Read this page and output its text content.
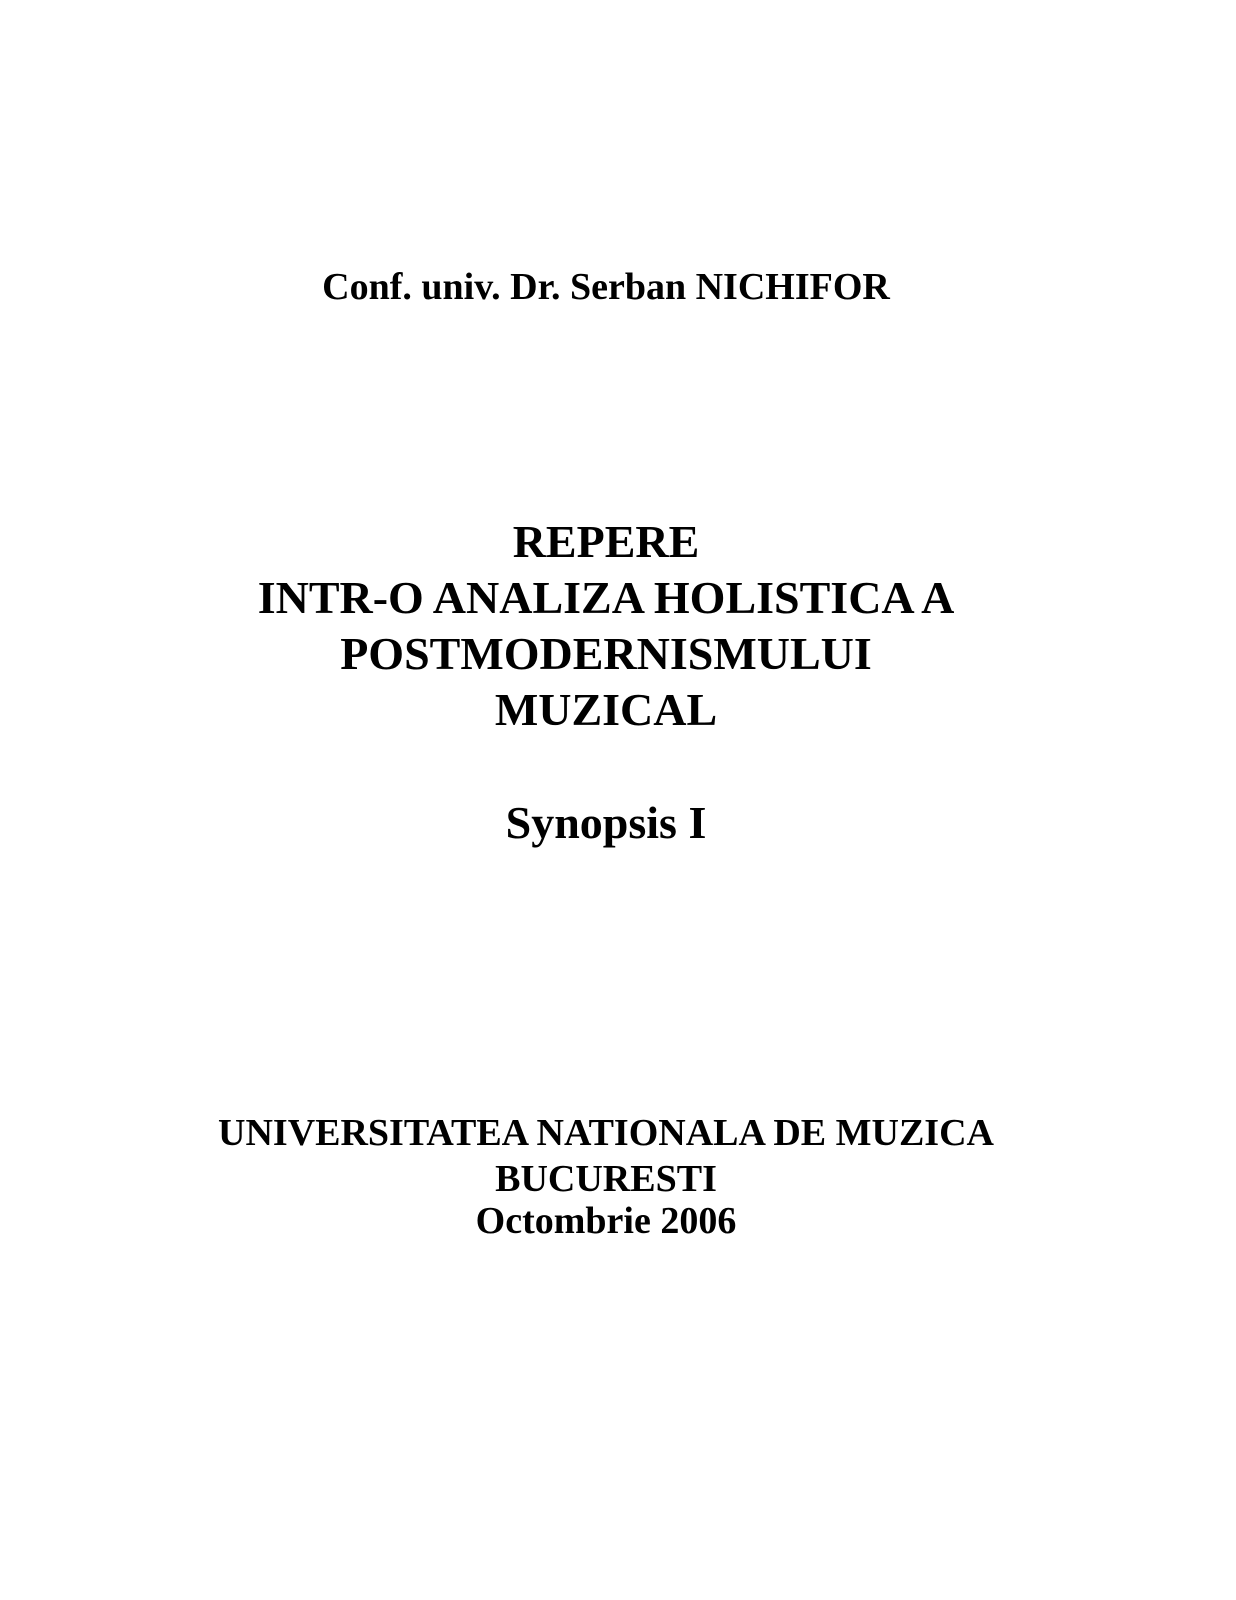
Conf. univ. Dr. Serban NICHIFOR
REPERE
INTR-O ANALIZA HOLISTICA A
POSTMODERNISMULUI
MUZICAL
Synopsis I
UNIVERSITATEA NATIONALA DE MUZICA
BUCURESTI
Octombrie 2006
